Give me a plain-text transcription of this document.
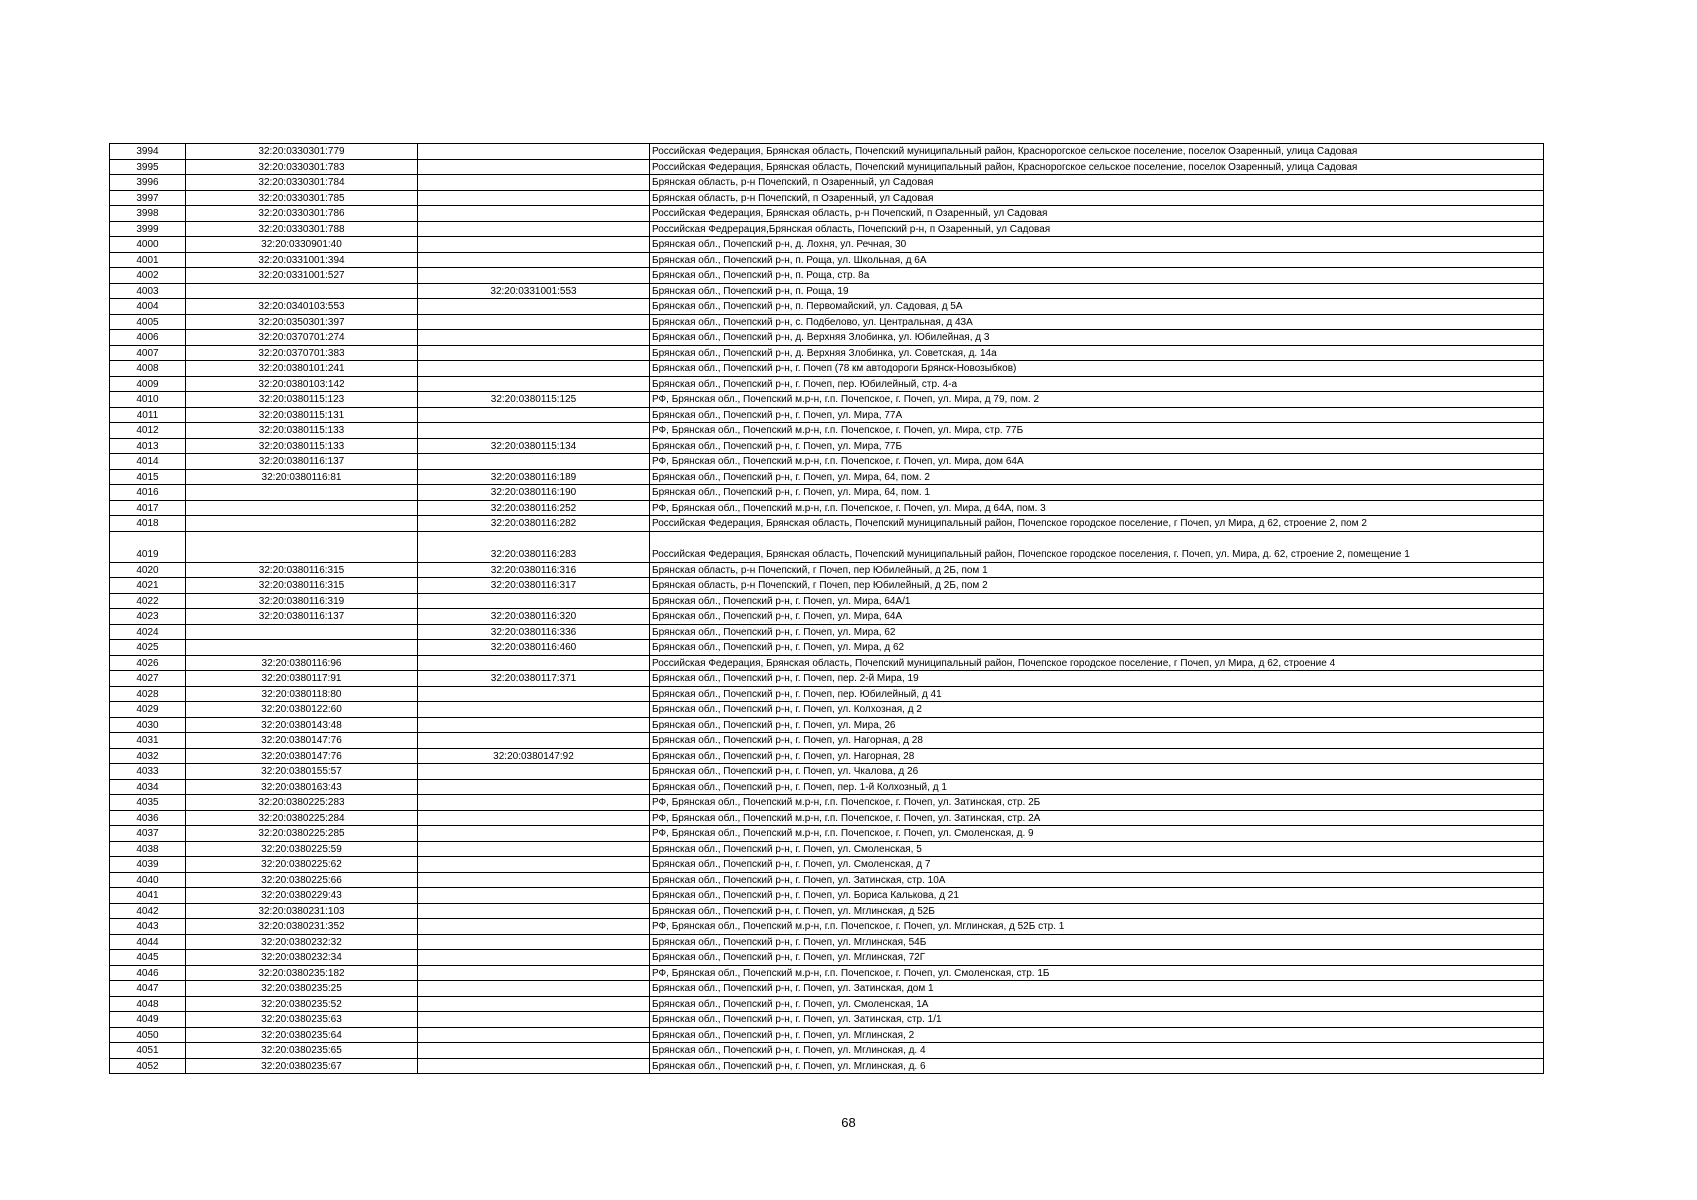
3994	32:20:0330301:779		Российская Федерация, Брянская область, Почепский муниципальный район, Краснорогское сельское поселение, поселок Озаренный, улица Садовая
3995	32:20:0330301:783		Российская Федерация, Брянская область, Почепский муниципальный район, Краснорогское сельское поселение, поселок Озаренный, улица Садовая
3996	32:20:0330301:784		Брянская область, р-н Почепский, п Озаренный, ул Садовая
3997	32:20:0330301:785		Брянская область, р-н Почепский, п Озаренный, ул Садовая
3998	32:20:0330301:786		Российская Федерация, Брянская область, р-н Почепский, п Озаренный, ул Садовая
3999	32:20:0330301:788		Российская Федрерация,Брянская область, Почепский р-н, п Озаренный, ул Садовая
4000	32:20:0330901:40		Брянская обл., Почепский р-н, д. Лохня, ул. Речная, 30
4001	32:20:0331001:394		Брянская обл., Почепский р-н, п. Роща, ул. Школьная, д 6А
4002	32:20:0331001:527		Брянская обл., Почепский р-н, п. Роща, стр. 8а
4003		32:20:0331001:553	Брянская обл., Почепский р-н, п. Роща, 19
4004	32:20:0340103:553		Брянская обл., Почепский р-н, п. Первомайский, ул. Садовая, д 5А
4005	32:20:0350301:397		Брянская обл., Почепский р-н, с. Подбелово, ул. Центральная, д 43А
4006	32:20:0370701:274		Брянская обл., Почепский р-н, д. Верхняя Злобинка, ул. Юбилейная, д 3
4007	32:20:0370701:383		Брянская обл., Почепский р-н, д. Верхняя Злобинка, ул. Советская, д. 14а
4008	32:20:0380101:241		Брянская обл., Почепский р-н, г. Почеп (78 км автодороги Брянск-Новозыбков)
4009	32:20:0380103:142		Брянская обл., Почепский р-н, г. Почеп, пер. Юбилейный, стр. 4-а
4010	32:20:0380115:123	32:20:0380115:125	РФ, Брянская обл., Почепский м.р-н, г.п. Почепское, г. Почеп, ул. Мира, д 79, пом. 2
4011	32:20:0380115:131		Брянская обл., Почепский р-н, г. Почеп, ул. Мира, 77А
4012	32:20:0380115:133		РФ, Брянская обл., Почепский м.р-н, г.п. Почепское, г. Почеп, ул. Мира, стр. 77Б
4013	32:20:0380115:133	32:20:0380115:134	Брянская обл., Почепский р-н, г. Почеп, ул. Мира, 77Б
4014	32:20:0380116:137		РФ, Брянская обл., Почепский м.р-н, г.п. Почепское, г. Почеп, ул. Мира, дом 64А
4015	32:20:0380116:81	32:20:0380116:189	Брянская обл., Почепский р-н, г. Почеп, ул. Мира, 64, пом. 2
4016		32:20:0380116:190	Брянская обл., Почепский р-н, г. Почеп, ул. Мира, 64, пом. 1
4017		32:20:0380116:252	РФ, Брянская обл., Почепский м.р-н, г.п. Почепское, г. Почеп, ул. Мира, д 64А, пом. 3
4018		32:20:0380116:282	Российская Федерация, Брянская область, Почепский муниципальный район, Почепское городское поселение, г Почеп, ул Мира, д 62, строение 2, пом 2
4019		32:20:0380116:283	Российская Федерация, Брянская область, Почепский муниципальный район, Почепское городское поселения, г. Почеп, ул. Мира, д. 62, строение 2, помещение 1
4020	32:20:0380116:315	32:20:0380116:316	Брянская область, р-н Почепский, г Почеп, пер Юбилейный, д 2Б, пом 1
4021	32:20:0380116:315	32:20:0380116:317	Брянская область, р-н Почепский, г Почеп, пер Юбилейный, д 2Б, пом 2
4022	32:20:0380116:319		Брянская обл., Почепский р-н, г. Почеп, ул. Мира, 64А/1
4023	32:20:0380116:137	32:20:0380116:320	Брянская обл., Почепский р-н, г. Почеп, ул. Мира, 64А
4024		32:20:0380116:336	Брянская обл., Почепский р-н, г. Почеп, ул. Мира, 62
4025		32:20:0380116:460	Брянская обл., Почепский р-н, г. Почеп, ул. Мира, д 62
4026	32:20:0380116:96		Российская Федерация, Брянская область, Почепский муниципальный район, Почепское городское поселение, г Почеп, ул Мира, д 62, строение 4
4027	32:20:0380117:91	32:20:0380117:371	Брянская обл., Почепский р-н, г. Почеп, пер. 2-й Мира, 19
4028	32:20:0380118:80		Брянская обл., Почепский р-н, г. Почеп, пер. Юбилейный, д 41
4029	32:20:0380122:60		Брянская обл., Почепский р-н, г. Почеп, ул. Колхозная, д 2
4030	32:20:0380143:48		Брянская обл., Почепский р-н, г. Почеп, ул. Мира, 26
4031	32:20:0380147:76		Брянская обл., Почепский р-н, г. Почеп, ул. Нагорная, д 28
4032	32:20:0380147:76	32:20:0380147:92	Брянская обл., Почепский р-н, г. Почеп, ул. Нагорная, 28
4033	32:20:0380155:57		Брянская обл., Почепский р-н, г. Почеп, ул. Чкалова, д 26
4034	32:20:0380163:43		Брянская обл., Почепский р-н, г. Почеп, пер. 1-й Колхозный, д 1
4035	32:20:0380225:283		РФ, Брянская обл., Почепский м.р-н, г.п. Почепское, г. Почеп, ул. Затинская, стр. 2Б
4036	32:20:0380225:284		РФ, Брянская обл., Почепский м.р-н, г.п. Почепское, г. Почеп, ул. Затинская, стр. 2А
4037	32:20:0380225:285		РФ, Брянская обл., Почепский м.р-н, г.п. Почепское, г. Почеп, ул. Смоленская, д. 9
4038	32:20:0380225:59		Брянская обл., Почепский р-н, г. Почеп, ул. Смоленская, 5
4039	32:20:0380225:62		Брянская обл., Почепский р-н, г. Почеп, ул. Смоленская, д 7
4040	32:20:0380225:66		Брянская обл., Почепский р-н, г. Почеп, ул. Затинская, стр. 10А
4041	32:20:0380229:43		Брянская обл., Почепский р-н, г. Почеп, ул. Бориса Калькова, д 21
4042	32:20:0380231:103		Брянская обл., Почепский р-н, г. Почеп, ул. Мглинская, д 52Б
4043	32:20:0380231:352		РФ, Брянская обл., Почепский м.р-н, г.п. Почепское, г. Почеп, ул. Мглинская, д 52Б стр. 1
4044	32:20:0380232:32		Брянская обл., Почепский р-н, г. Почеп, ул. Мглинская, 54Б
4045	32:20:0380232:34		Брянская обл., Почепский р-н, г. Почеп, ул. Мглинская, 72Г
4046	32:20:0380235:182		РФ, Брянская обл., Почепский м.р-н, г.п. Почепское, г. Почеп, ул. Смоленская, стр. 1Б
4047	32:20:0380235:25		Брянская обл., Почепский р-н, г. Почеп, ул. Затинская, дом 1
4048	32:20:0380235:52		Брянская обл., Почепский р-н, г. Почеп, ул. Смоленская, 1А
4049	32:20:0380235:63		Брянская обл., Почепский р-н, г. Почеп, ул. Затинская, стр. 1/1
4050	32:20:0380235:64		Брянская обл., Почепский р-н, г. Почеп, ул. Мглинская, 2
4051	32:20:0380235:65		Брянская обл., Почепский р-н, г. Почеп, ул. Мглинская, д. 4
4052	32:20:0380235:67		Брянская обл., Почепский р-н, г. Почеп, ул. Мглинская, д. 6
68
